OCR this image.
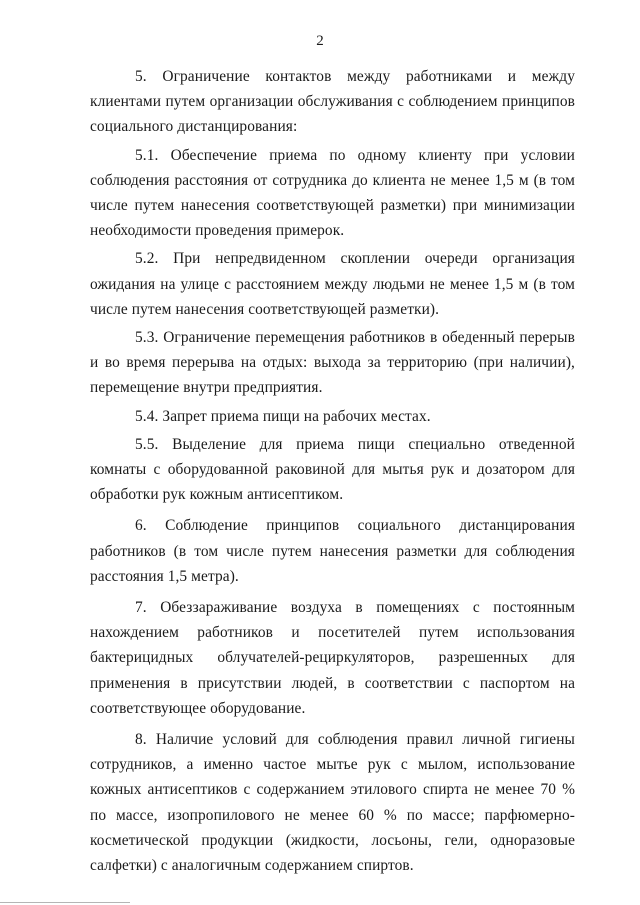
2

5. Ограничение контактов между работниками и между клиентами путем организации обслуживания с соблюдением принципов социального дистанцирования:

5.1. Обеспечение приема по одному клиенту при условии соблюдения расстояния от сотрудника до клиента не менее 1,5 м (в том числе путем нанесения соответствующей разметки) при минимизации необходимости проведения примерок.

5.2. При непредвиденном скоплении очереди организация ожидания на улице с расстоянием между людьми не менее 1,5 м (в том числе путем нанесения соответствующей разметки).

5.3. Ограничение перемещения работников в обеденный перерыв и во время перерыва на отдых: выхода за территорию (при наличии), перемещение внутри предприятия.

5.4. Запрет приема пищи на рабочих местах.

5.5. Выделение для приема пищи специально отведенной комнаты с оборудованной раковиной для мытья рук и дозатором для обработки рук кожным антисептиком.

6. Соблюдение принципов социального дистанцирования работников (в том числе путем нанесения разметки для соблюдения расстояния 1,5 метра).

7. Обеззараживание воздуха в помещениях с постоянным нахождением работников и посетителей путем использования бактерицидных облучателей-рециркуляторов, разрешенных для применения в присутствии людей, в соответствии с паспортом на соответствующее оборудование.

8. Наличие условий для соблюдения правил личной гигиены сотрудников, а именно частое мытье рук с мылом, использование кожных антисептиков с содержанием этилового спирта не менее 70 % по массе, изопропилового не менее 60 % по массе; парфюмерно-косметической продукции (жидкости, лосьоны, гели, одноразовые салфетки) с аналогичным содержанием спиртов.
